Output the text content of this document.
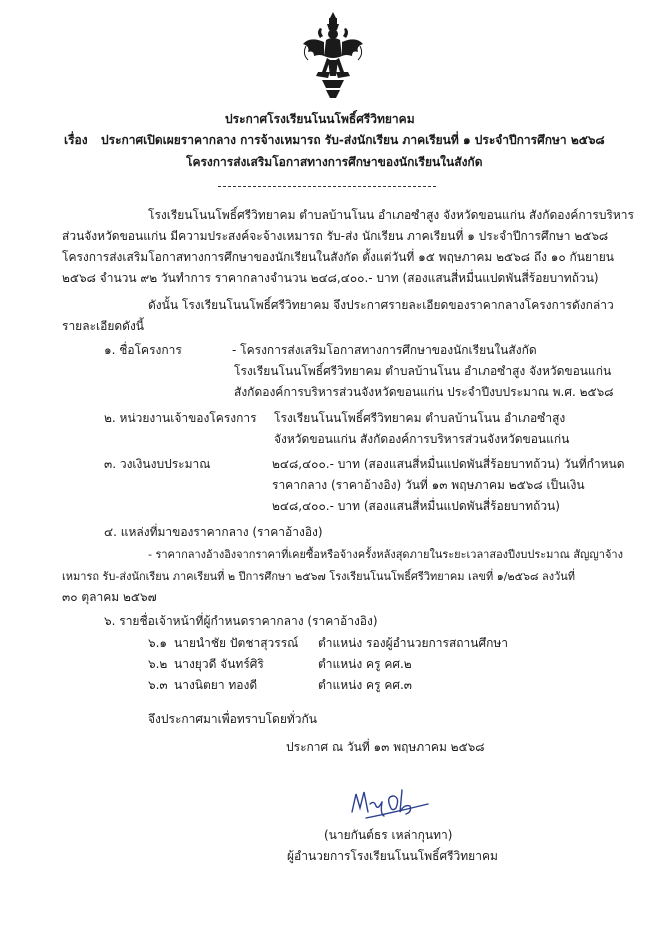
ประกาศโรงเรียนโนนโพธิ์ศรีวิทยาคม
เรื่อง ประกาศเปิดเผยราคากลาง การจ้างเหมารถ รับ-ส่งนักเรียน ภาคเรียนที่ ๑ ประจำปีการศึกษา ๒๕๖๘
โครงการส่งเสริมโอกาสทางการศึกษาของนักเรียนในสังกัด
โรงเรียนโนนโพธิ์ศรีวิทยาคม ตำบลบ้านโนน อำเภอซำสูง จังหวัดขอนแก่น สังกัดองค์การบริหาร
ส่วนจังหวัดขอนแก่น มีความประสงค์จะจ้างเหมารถ รับ-ส่ง นักเรียน ภาคเรียนที่ ๑ ประจำปีการศึกษา ๒๕๖๘
โครงการส่งเสริมโอกาสทางการศึกษาของนักเรียนในสังกัด ตั้งแต่วันที่ ๑๕ พฤษภาคม ๒๕๖๘ ถึง ๑๐ กันยายน
๒๕๖๘ จำนวน ๙๒ วันทำการ ราคากลางจำนวน ๒๔๘,๔๐๐.- บาท (สองแสนสี่หมื่นแปดพันสี่ร้อยบาทถ้วน)
ดังนั้น โรงเรียนโนนโพธิ์ศรีวิทยาคม จึงประกาศรายละเอียดของราคากลางโครงการดังกล่าว
รายละเอียดดังนี้
๑. ชื่อโครงการ	- โครงการส่งเสริมโอกาสทางการศึกษาของนักเรียนในสังกัด
โรงเรียนโนนโพธิ์ศรีวิทยาคม ตำบลบ้านโนน อำเภอซำสูง จังหวัดขอนแก่น
สังกัดองค์การบริหารส่วนจังหวัดขอนแก่น ประจำปีงบประมาณ พ.ศ. ๒๕๖๘
๒. หน่วยงานเจ้าของโครงการ โรงเรียนโนนโพธิ์ศรีวิทยาคม ตำบลบ้านโนน อำเภอซำสูง
จังหวัดขอนแก่น สังกัดองค์การบริหารส่วนจังหวัดขอนแก่น
๓. วงเงินงบประมาณ	๒๔๘,๔๐๐.- บาท (สองแสนสี่หมื่นแปดพันสี่ร้อยบาทถ้วน) วันที่กำหนด
ราคากลาง (ราคาอ้างอิง) วันที่ ๑๓ พฤษภาคม ๒๕๖๘ เป็นเงิน
๒๔๘,๔๐๐.- บาท (สองแสนสี่หมื่นแปดพันสี่ร้อยบาทถ้วน)
๔. แหล่งที่มาของราคากลาง (ราคาอ้างอิง)
- ราคากลางอ้างอิงจากราคาที่เคยซื้อหรือจ้างครั้งหลังสุดภายในระยะเวลาสองปีงบประมาณ สัญญาจ้าง
เหมารถ รับ-ส่งนักเรียน ภาคเรียนที่ ๒ ปีการศึกษา ๒๕๖๗ โรงเรียนโนนโพธิ์ศรีวิทยาคม เลขที่ ๑/๒๕๖๘ ลงวันที่
๓๐ ตุลาคม ๒๕๖๗
๖. รายชื่อเจ้าหน้าที่ผู้กำหนดราคากลาง (ราคาอ้างอิง)
๖.๑ นายนำชัย ปัตชาสุวรรณ์ ตำแหน่ง รองผู้อำนวยการสถานศึกษา
๖.๒ นางยุวดี จันทร์ศิริ	ตำแหน่ง ครู คศ.๒
๖.๓ นางนิตยา ทองดี	ตำแหน่ง ครู คศ.๓
จึงประกาศมาเพื่อทราบโดยทั่วกัน
ประกาศ ณ วันที่ ๑๓ พฤษภาคม ๒๕๖๘
(นายกันต์ธร เหล่ากุนทา)
ผู้อำนวยการโรงเรียนโนนโพธิ์ศรีวิทยาคม
